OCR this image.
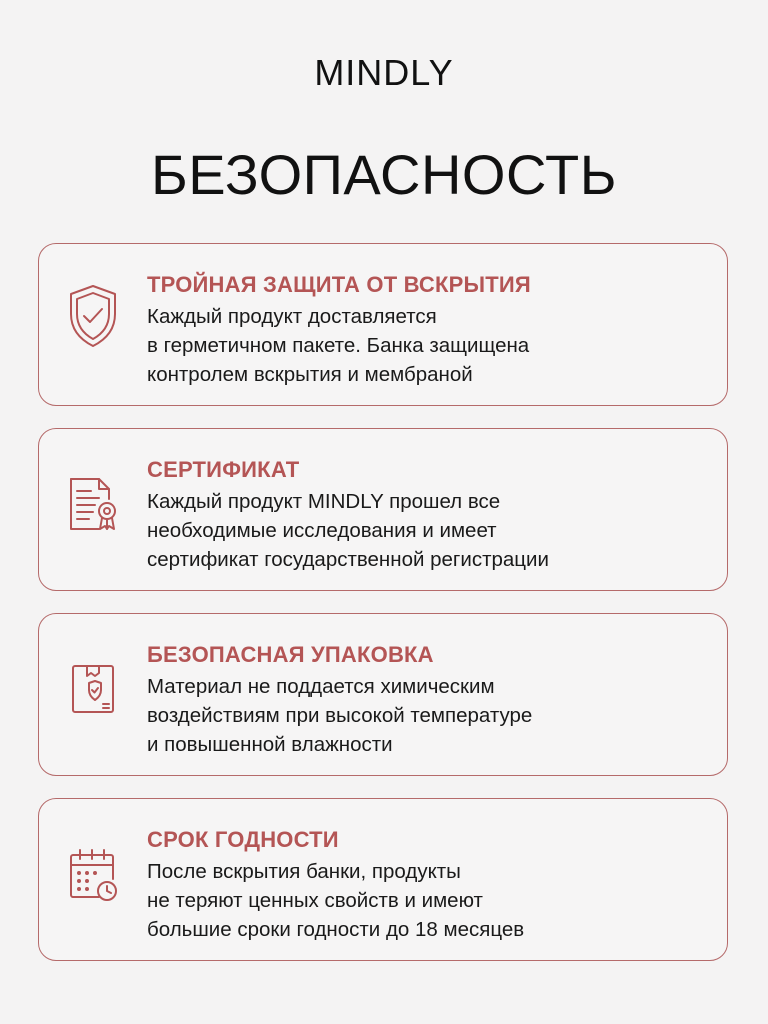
MINDLY
БЕЗОПАСНОСТЬ
ТРОЙНАЯ ЗАЩИТА ОТ ВСКРЫТИЯ
Каждый продукт доставляется
в герметичном пакете. Банка защищена
контролем вскрытия и мембраной
СЕРТИФИКАТ
Каждый продукт MINDLY прошел все
необходимые исследования и имеет
сертификат государственной регистрации
БЕЗОПАСНАЯ УПАКОВКА
Материал не поддается химическим
воздействиям при высокой температуре
и повышенной влажности
СРОК ГОДНОСТИ
После вскрытия банки, продукты
не теряют ценных свойств и имеют
большие сроки годности до 18 месяцев
